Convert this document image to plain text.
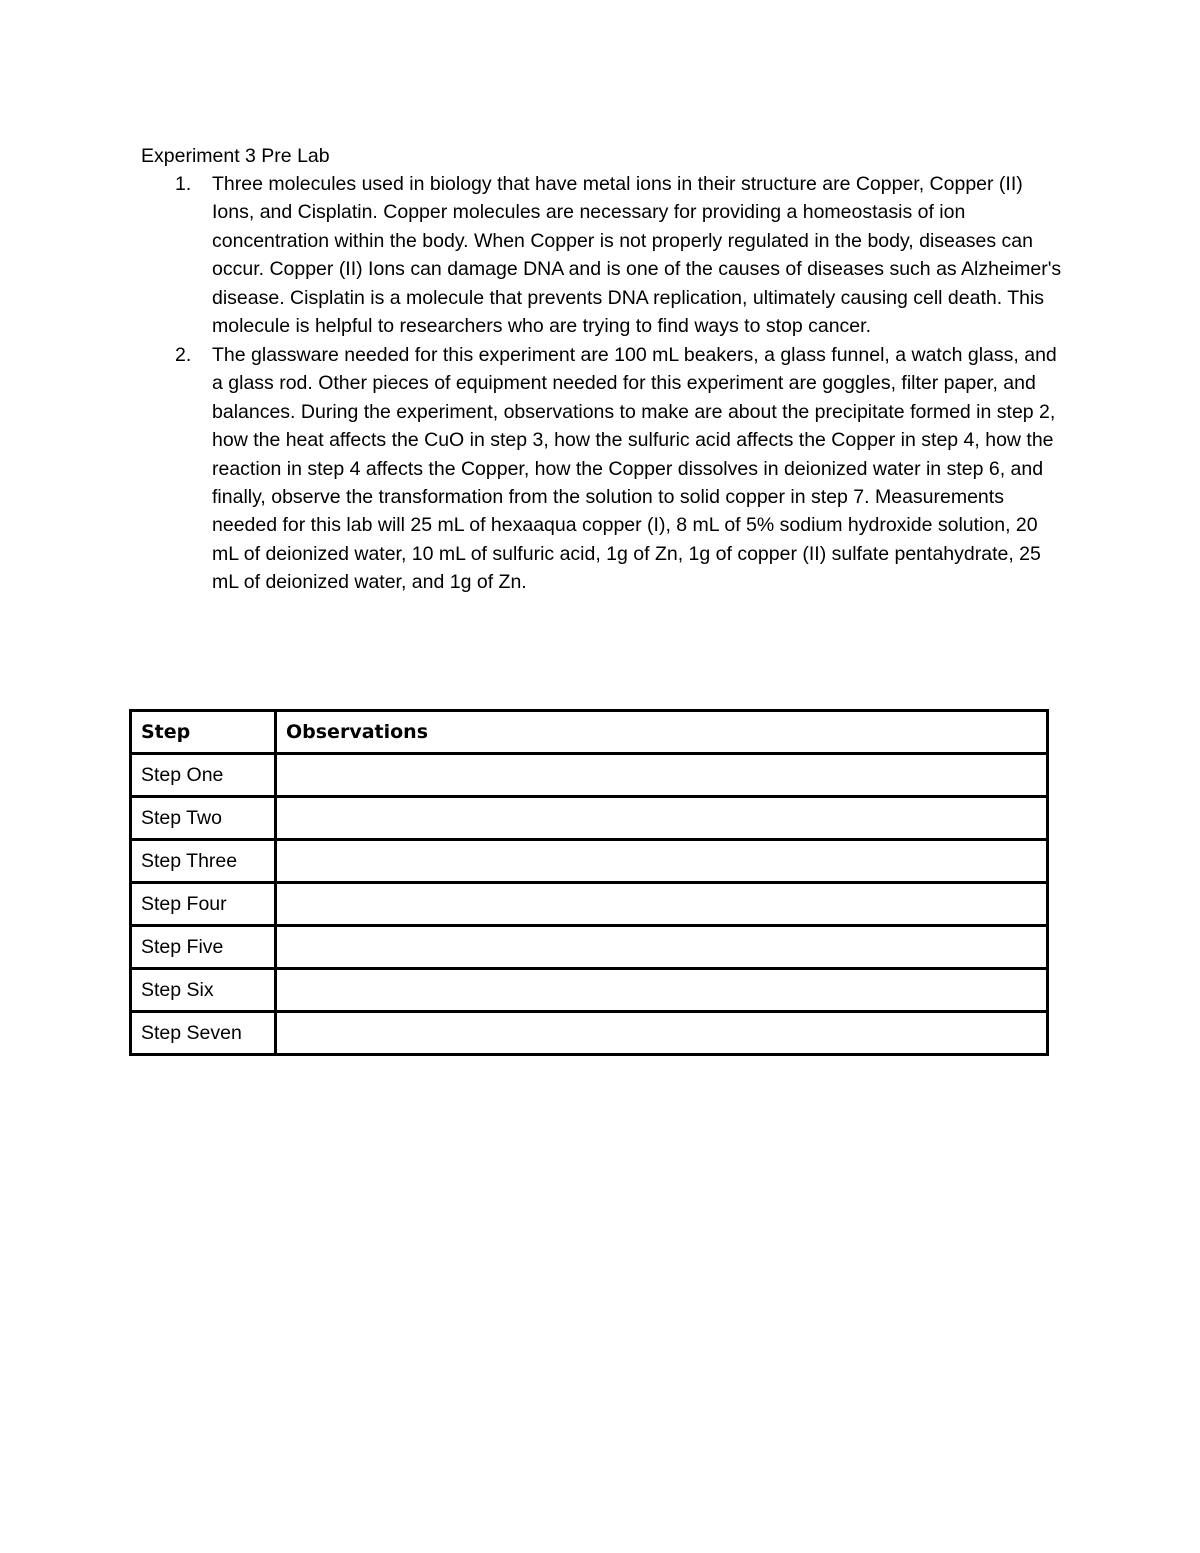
Experiment 3 Pre Lab
1. Three molecules used in biology that have metal ions in their structure are Copper, Copper (II) Ions, and Cisplatin. Copper molecules are necessary for providing a homeostasis of ion concentration within the body. When Copper is not properly regulated in the body, diseases can occur. Copper (II) Ions can damage DNA and is one of the causes of diseases such as Alzheimer's disease. Cisplatin is a molecule that prevents DNA replication, ultimately causing cell death. This molecule is helpful to researchers who are trying to find ways to stop cancer.
2. The glassware needed for this experiment are 100 mL beakers, a glass funnel, a watch glass, and a glass rod. Other pieces of equipment needed for this experiment are goggles, filter paper, and balances. During the experiment, observations to make are about the precipitate formed in step 2, how the heat affects the CuO in step 3, how the sulfuric acid affects the Copper in step 4, how the reaction in step 4 affects the Copper, how the Copper dissolves in deionized water in step 6, and finally, observe the transformation from the solution to solid copper in step 7. Measurements needed for this lab will 25 mL of hexaaqua copper (I), 8 mL of 5% sodium hydroxide solution, 20 mL of deionized water, 10 mL of sulfuric acid, 1g of Zn, 1g of copper (II) sulfate pentahydrate, 25 mL of deionized water, and 1g of Zn.
Step	Observations
Step One	
Step Two	
Step Three	
Step Four	
Step Five	
Step Six	
Step Seven	
